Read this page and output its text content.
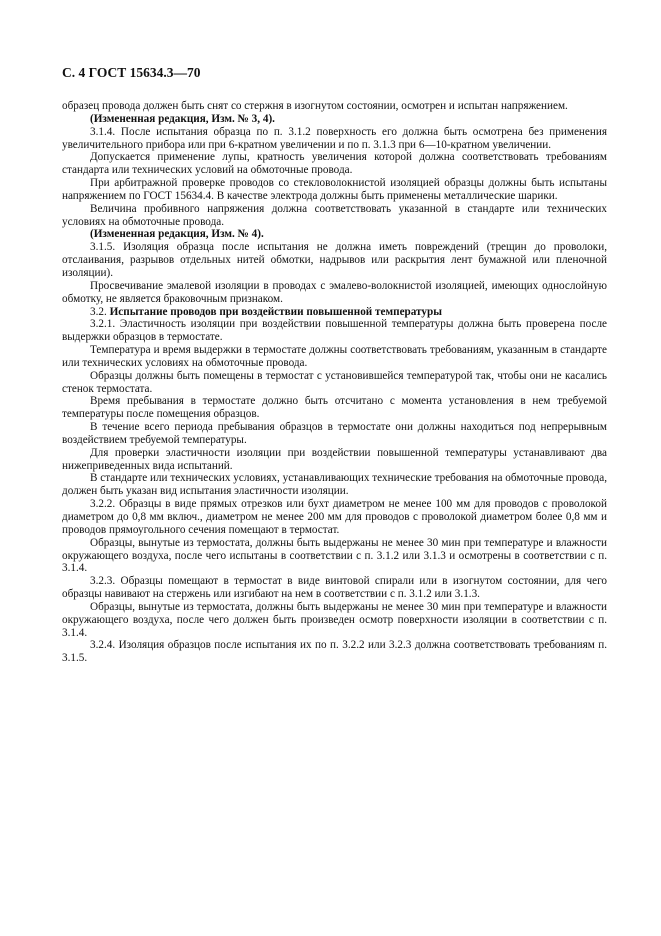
С. 4 ГОСТ 15634.3—70

образец провода должен быть снят со стержня в изогнутом состоянии, осмотрен и испытан напряжением.

(Измененная редакция, Изм. № 3, 4).

3.1.4. После испытания образца по п. 3.1.2 поверхность его должна быть осмотрена без применения увеличительного прибора или при 6-кратном увеличении и по п. 3.1.3 при 6—10-кратном увеличении.

Допускается применение лупы, кратность увеличения которой должна соответствовать требованиям стандарта или технических условий на обмоточные провода.

При арбитражной проверке проводов со стекловолокнистой изоляцией образцы должны быть испытаны напряжением по ГОСТ 15634.4. В качестве электрода должны быть применены металлические шарики.

Величина пробивного напряжения должна соответствовать указанной в стандарте или технических условиях на обмоточные провода.

(Измененная редакция, Изм. № 4).

3.1.5. Изоляция образца после испытания не должна иметь повреждений (трещин до проволоки, отслаивания, разрывов отдельных нитей обмотки, надрывов или раскрытия лент бумажной или пленочной изоляции).

Просвечивание эмалевой изоляции в проводах с эмалево-волокнистой изоляцией, имеющих однослойную обмотку, не является браковочным признаком.

3.2. Испытание проводов при воздействии повышенной температуры

3.2.1. Эластичность изоляции при воздействии повышенной температуры должна быть проверена после выдержки образцов в термостате.

Температура и время выдержки в термостате должны соответствовать требованиям, указанным в стандарте или технических условиях на обмоточные провода.

Образцы должны быть помещены в термостат с установившейся температурой так, чтобы они не касались стенок термостата.

Время пребывания в термостате должно быть отсчитано с момента установления в нем требуемой температуры после помещения образцов.

В течение всего периода пребывания образцов в термостате они должны находиться под непрерывным воздействием требуемой температуры.

Для проверки эластичности изоляции при воздействии повышенной температуры устанавливают два нижеприведенных вида испытаний.

В стандарте или технических условиях, устанавливающих технические требования на обмоточные провода, должен быть указан вид испытания эластичности изоляции.

3.2.2. Образцы в виде прямых отрезков или бухт диаметром не менее 100 мм для проводов с проволокой диаметром до 0,8 мм включ., диаметром не менее 200 мм для проводов с проволокой диаметром более 0,8 мм и проводов прямоугольного сечения помещают в термостат.

Образцы, вынутые из термостата, должны быть выдержаны не менее 30 мин при температуре и влажности окружающего воздуха, после чего испытаны в соответствии с п. 3.1.2 или 3.1.3 и осмотрены в соответствии с п. 3.1.4.

3.2.3. Образцы помещают в термостат в виде винтовой спирали или в изогнутом состоянии, для чего образцы навивают на стержень или изгибают на нем в соответствии с п. 3.1.2 или 3.1.3.

Образцы, вынутые из термостата, должны быть выдержаны не менее 30 мин при температуре и влажности окружающего воздуха, после чего должен быть произведен осмотр поверхности изоляции в соответствии с п. 3.1.4.

3.2.4. Изоляция образцов после испытания их по п. 3.2.2 или 3.2.3 должна соответствовать требованиям п. 3.1.5.
